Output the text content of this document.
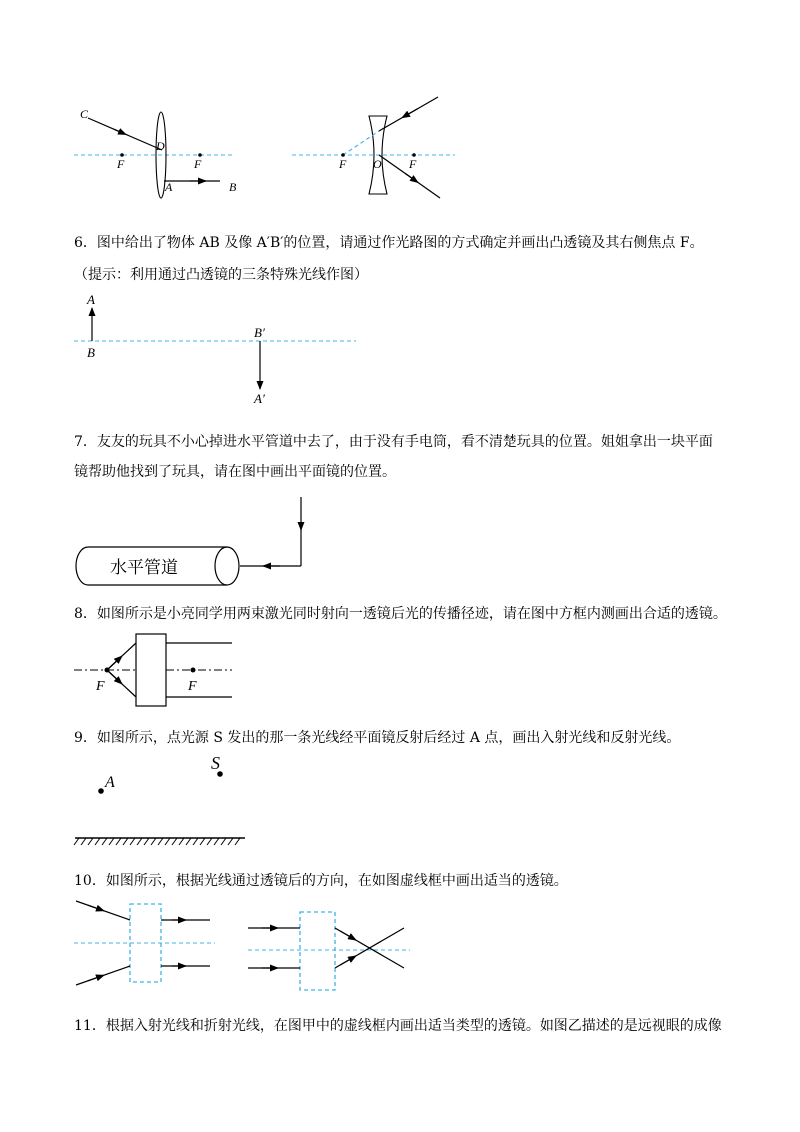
6．图中给出了物体 AB 及像 A′B′的位置，请通过作光路图的方式确定并画出凸透镜及其右侧焦点 F。
（提示：利用通过凸透镜的三条特殊光线作图）
7．友友的玩具不小心掉进水平管道中去了，由于没有手电筒，看不清楚玩具的位置。姐姐拿出一块平面
镜帮助他找到了玩具，请在图中画出平面镜的位置。
8．如图所示是小亮同学用两束激光同时射向一透镜后光的传播径迹，请在图中方框内测画出合适的透镜。
9．如图所示，点光源 S 发出的那一条光线经平面镜反射后经过 A 点，画出入射光线和反射光线。
10．如图所示，根据光线通过透镜后的方向，在如图虚线框中画出适当的透镜。
11．根据入射光线和折射光线，在图甲中的虚线框内画出适当类型的透镜。如图乙描述的是远视眼的成像
C
D
F	F
A	B
F O F
A
B
B′
A′
水平管道
F	F
A
S
